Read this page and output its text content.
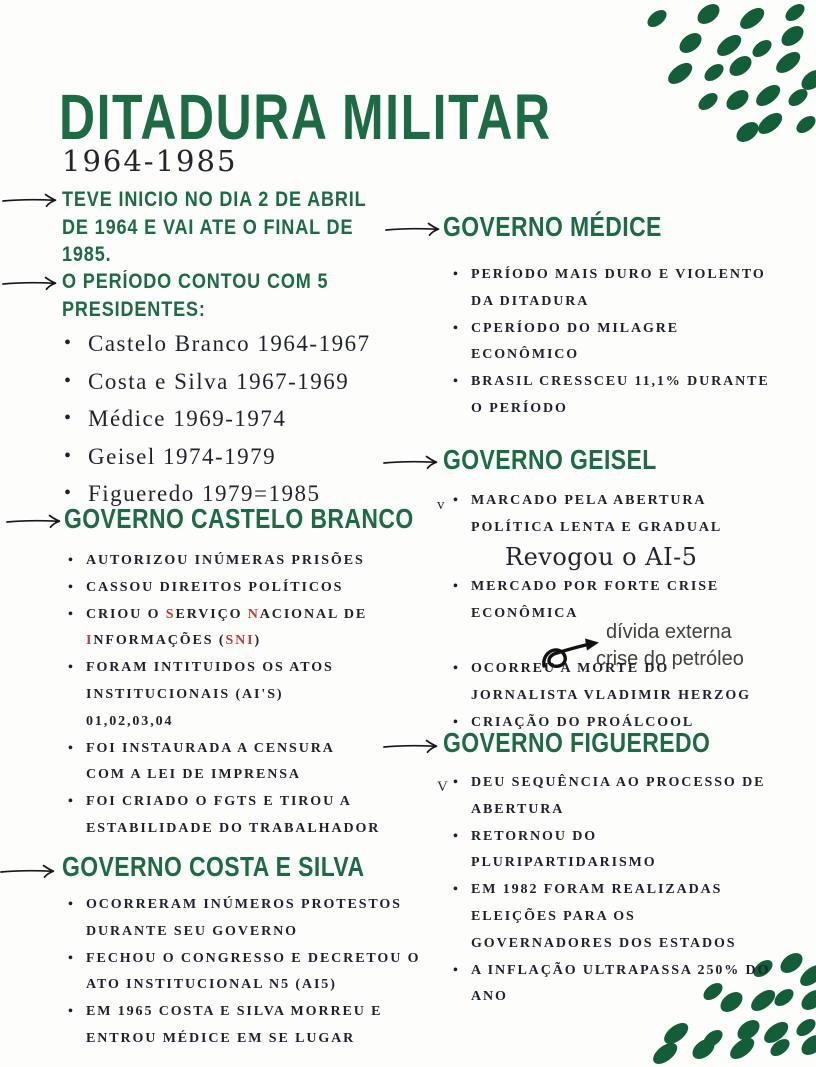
DITADURA MILITAR
1964-1985
TEVE INICIO NO DIA 2 DE ABRIL
DE 1964 E VAI ATE O FINAL DE
1985.
O PERÍODO CONTOU COM 5
PRESIDENTES:
• Castelo Branco 1964-1967
• Costa e Silva 1967-1969
• Médice 1969-1974
• Geisel 1974-1979
• Figueredo 1979=1985
GOVERNO CASTELO BRANCO
• AUTORIZOU INÚMERAS PRISÕES
• CASSOU DIREITOS POLÍTICOS
• CRIOU O SERVIÇO NACIONAL DE
INFORMAÇÕES (SNI)
• FORAM INTITUIDOS OS ATOS
INSTITUCIONAIS (AI'S)
01,02,03,04
• FOI INSTAURADA A CENSURA
COM A LEI DE IMPRENSA
• FOI CRIADO O FGTS E TIROU A
ESTABILIDADE DO TRABALHADOR
GOVERNO COSTA E SILVA
• OCORRERAM INÚMEROS PROTESTOS
DURANTE SEU GOVERNO
• FECHOU O CONGRESSO E DECRETOU O
ATO INSTITUCIONAL N5 (AI5)
• EM 1965 COSTA E SILVA MORREU E
ENTROU MÉDICE EM SE LUGAR
GOVERNO MÉDICE
• PERÍODO MAIS DURO E VIOLENTO
DA DITADURA
• CPERÍODO DO MILAGRE
ECONÔMICO
• BRASIL CRESSCEU 11,1% DURANTE
O PERÍODO
GOVERNO GEISEL
v • MARCADO PELA ABERTURA
POLÍTICA LENTA E GRADUAL
Revogou o AI-5
• MERCADO POR FORTE CRISE
ECONÔMICA
dívida externa
crise do petróleo
• OCORREU A MORTE DO
JORNALISTA VLADIMIR HERZOG
• CRIAÇÃO DO PROÁLCOOL
GOVERNO FIGUEREDO
V • DEU SEQUÊNCIA AO PROCESSO DE
ABERTURA
• RETORNOU DO
PLURIPARTIDARISMO
• EM 1982 FORAM REALIZADAS
ELEIÇÕES PARA OS
GOVERNADORES DOS ESTADOS
• A INFLAÇÃO ULTRAPASSA 250% DO
ANO
